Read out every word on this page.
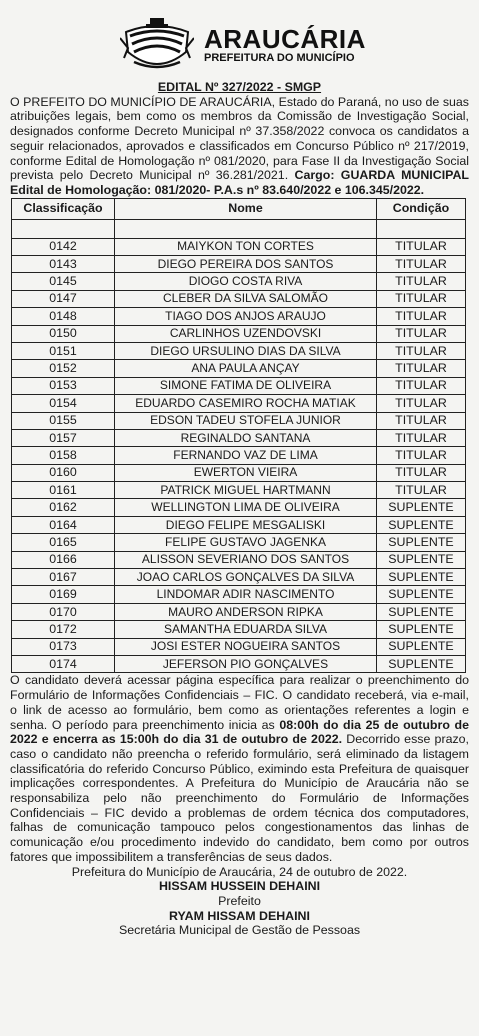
ARAUCÁRIA
PREFEITURA DO MUNICÍPIO

EDITAL Nº 327/2022 - SMGP

O PREFEITO DO MUNICÍPIO DE ARAUCÁRIA, Estado do Paraná, no uso de suas atribuições legais, bem como os membros da Comissão de Investigação Social, designados conforme Decreto Municipal nº 37.358/2022 convoca os candidatos a seguir relacionados, aprovados e classificados em Concurso Público nº 217/2019, conforme Edital de Homologação nº 081/2020, para Fase II da Investigação Social prevista pelo Decreto Municipal nº 36.281/2021. Cargo: GUARDA MUNICIPAL Edital de Homologação: 081/2020- P.A.s nº 83.640/2022 e 106.345/2022.

Classificação	Nome	Condição

0142	MAIYKON TON CORTES	TITULAR
0143	DIEGO PEREIRA DOS SANTOS	TITULAR
0145	DIOGO COSTA RIVA	TITULAR
0147	CLEBER DA SILVA SALOMÃO	TITULAR
0148	TIAGO DOS ANJOS ARAUJO	TITULAR
0150	CARLINHOS UZENDOVSKI	TITULAR
0151	DIEGO URSULINO DIAS DA SILVA	TITULAR
0152	ANA PAULA ANÇAY	TITULAR
0153	SIMONE FATIMA DE OLIVEIRA	TITULAR
0154	EDUARDO CASEMIRO ROCHA MATIAK	TITULAR
0155	EDSON TADEU STOFELA JUNIOR	TITULAR
0157	REGINALDO SANTANA	TITULAR
0158	FERNANDO VAZ DE LIMA	TITULAR
0160	EWERTON VIEIRA	TITULAR
0161	PATRICK MIGUEL HARTMANN	TITULAR
0162	WELLINGTON LIMA DE OLIVEIRA	SUPLENTE
0164	DIEGO FELIPE MESGALISKI	SUPLENTE
0165	FELIPE GUSTAVO JAGENKA	SUPLENTE
0166	ALISSON SEVERIANO DOS SANTOS	SUPLENTE
0167	JOAO CARLOS GONÇALVES DA SILVA	SUPLENTE
0169	LINDOMAR ADIR NASCIMENTO	SUPLENTE
0170	MAURO ANDERSON RIPKA	SUPLENTE
0172	SAMANTHA EDUARDA SILVA	SUPLENTE
0173	JOSI ESTER NOGUEIRA SANTOS	SUPLENTE
0174	JEFERSON PIO GONÇALVES	SUPLENTE

O candidato deverá acessar página específica para realizar o preenchimento do Formulário de Informações Confidenciais – FIC. O candidato receberá, via e-mail, o link de acesso ao formulário, bem como as orientações referentes a login e senha. O período para preenchimento inicia as 08:00h do dia 25 de outubro de 2022 e encerra as 15:00h do dia 31 de outubro de 2022. Decorrido esse prazo, caso o candidato não preencha o referido formulário, será eliminado da listagem classificatória do referido Concurso Público, eximindo esta Prefeitura de quaisquer implicações correspondentes. A Prefeitura do Município de Araucária não se responsabiliza pelo não preenchimento do Formulário de Informações Confidenciais – FIC devido a problemas de ordem técnica dos computadores, falhas de comunicação tampouco pelos congestionamentos das linhas de comunicação e/ou procedimento indevido do candidato, bem como por outros fatores que impossibilitem a transferências de seus dados.

Prefeitura do Município de Araucária, 24 de outubro de 2022.

HISSAM HUSSEIN DEHAINI

Prefeito

RYAM HISSAM DEHAINI

Secretária Municipal de Gestão de Pessoas
